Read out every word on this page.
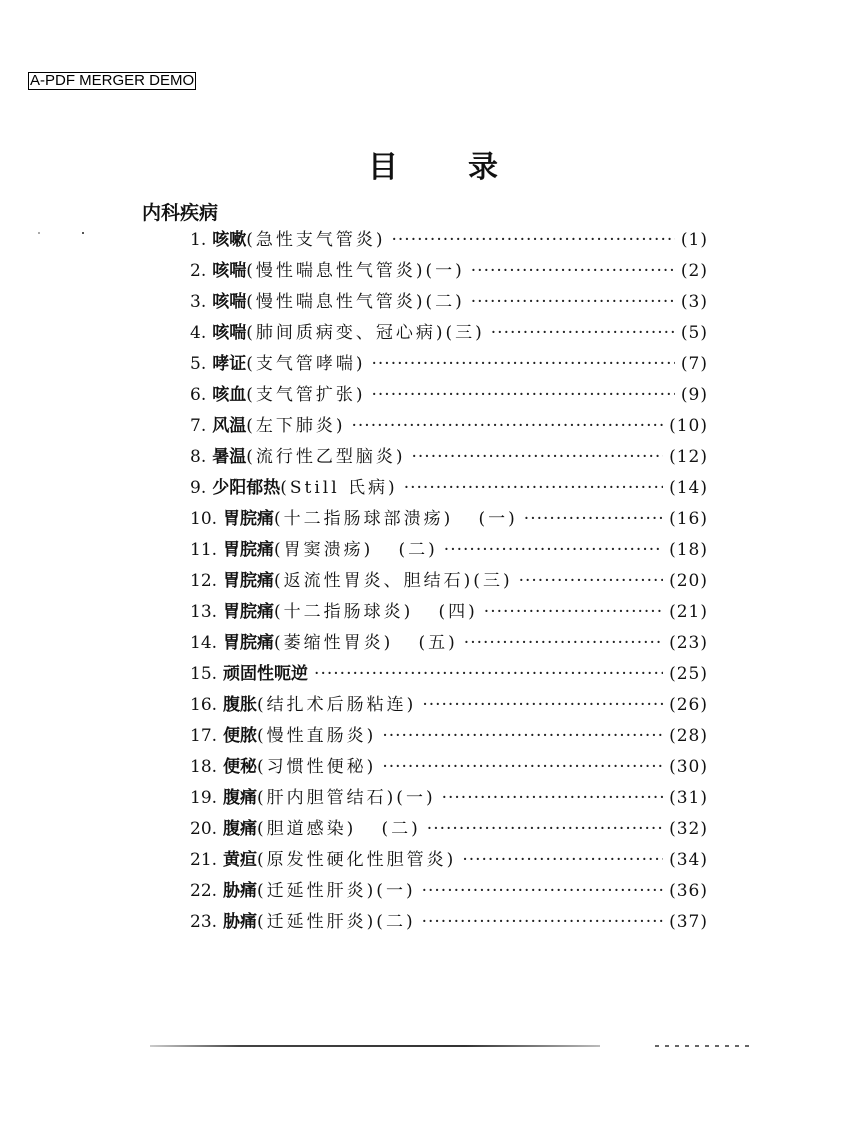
A-PDF MERGER DEMO
目录
内科疾病
1. 咳嗽 (急性支气管炎) ·····	(1)
2. 咳喘 (慢性喘息性气管炎)(一) ·····	(2)
3. 咳喘 (慢性喘息性气管炎)(二) ·····	(3)
4. 咳喘 (肺间质病变、冠心病)(三) ·····	(5)
5. 哮证 (支气管哮喘) ·····	(7)
6. 咳血 (支气管扩张) ·····	(9)
7. 风温 (左下肺炎) ·····	(10)
8. 暑温 (流行性乙型脑炎) ·····	(12)
9. 少阳郁热 (Still 氏病) ·····	(14)
10. 胃脘痛 (十二指肠球部溃疡)   (一) ·····	(16)
11. 胃脘痛 (胃窦溃疡)   (二) ·····	(18)
12. 胃脘痛 (返流性胃炎、胆结石)(三) ·····	(20)
13. 胃脘痛 (十二指肠球炎)   (四) ·····	(21)
14. 胃脘痛 (萎缩性胃炎)   (五) ·····	(23)
15. 顽固性呃逆 ·····	(25)
16. 腹胀 (结扎术后肠粘连) ·····	(26)
17. 便脓 (慢性直肠炎) ·····	(28)
18. 便秘 (习惯性便秘) ·····	(30)
19. 腹痛 (肝内胆管结石)(一) ·····	(31)
20. 腹痛 (胆道感染)   (二) ·····	(32)
21. 黄疸 (原发性硬化性胆管炎) ·····	(34)
22. 胁痛 (迁延性肝炎)(一) ·····	(36)
23. 胁痛 (迁延性肝炎)(二) ·····	(37)
